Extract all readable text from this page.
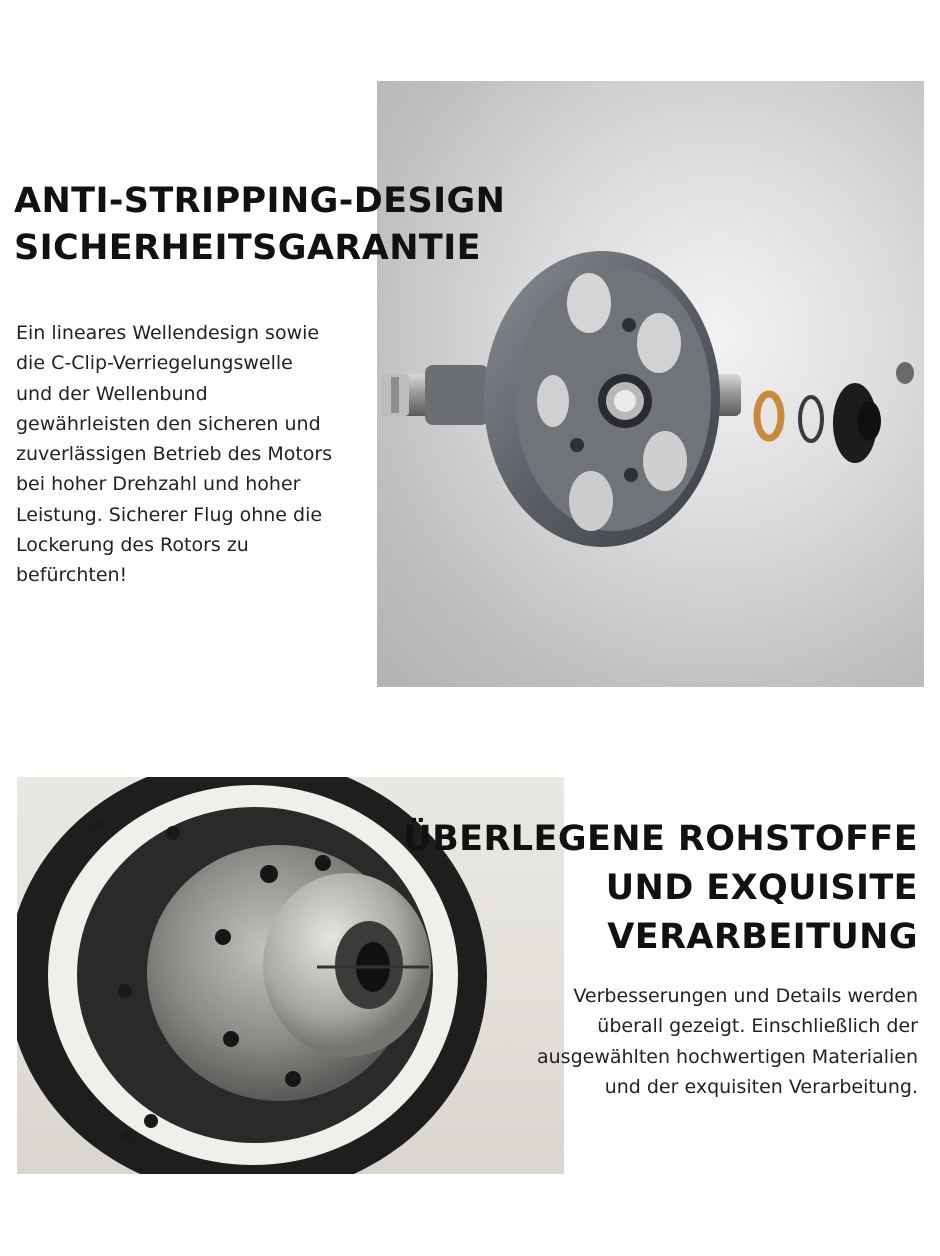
ANTI-STRIPPING-DESIGN
SICHERHEITSGARANTIE

Ein lineares Wellendesign sowie
die C-Clip-Verriegelungswelle
und der Wellenbund
gewährleisten den sicheren und
zuverlässigen Betrieb des Motors
bei hoher Drehzahl und hoher
Leistung. Sicherer Flug ohne die
Lockerung des Rotors zu
befürchten!

ÜBERLEGENE ROHSTOFFE
UND EXQUISITE
VERARBEITUNG

Verbesserungen und Details werden
überall gezeigt. Einschließlich der
ausgewählten hochwertigen Materialien
und der exquisiten Verarbeitung.
